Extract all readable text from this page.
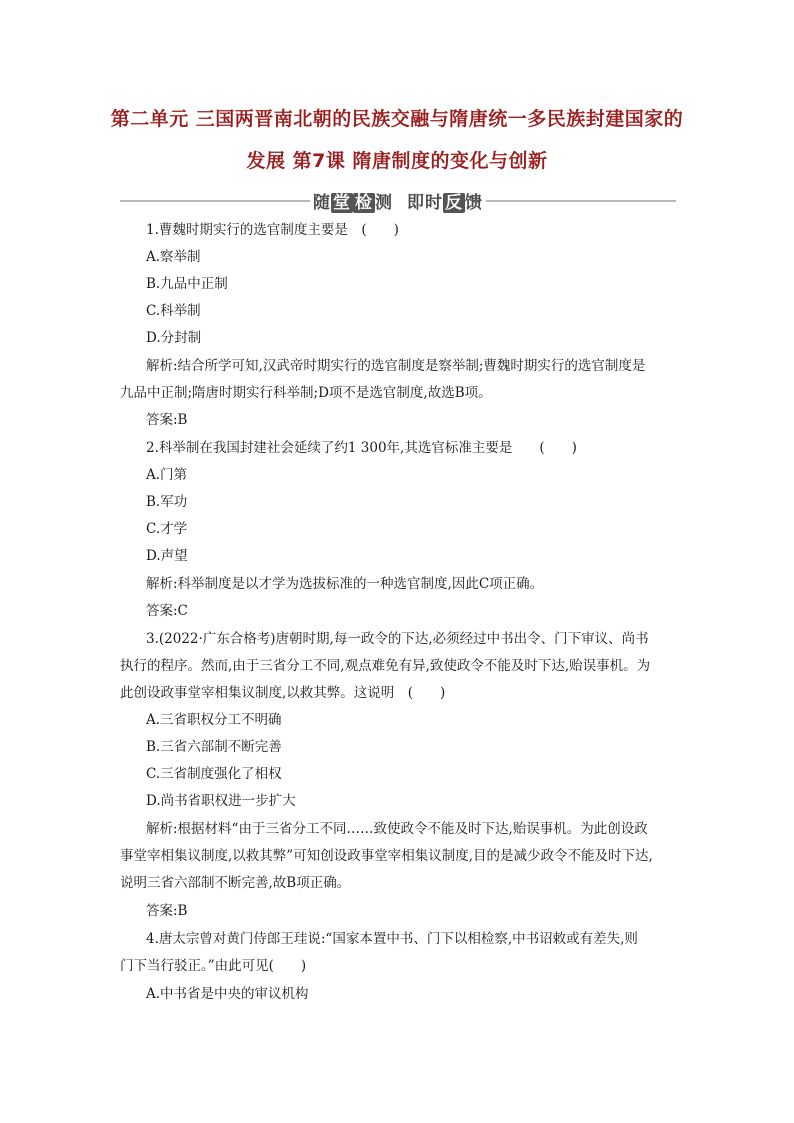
第二单元 三国两晋南北朝的民族交融与隋唐统一多民族封建国家的
发展 第7课 隋唐制度的变化与创新
随 堂 检 测 即时 反 馈
1.曹魏时期实行的选官制度主要是　(　　)
A.察举制
B.九品中正制
C.科举制
D.分封制
解析:结合所学可知,汉武帝时期实行的选官制度是察举制;曹魏时期实行的选官制度是
九品中正制;隋唐时期实行科举制;D项不是选官制度,故选B项。
答案:B
2.科举制在我国封建社会延续了约1 300年,其选官标准主要是　　(　　)
A.门第
B.军功
C.才学
D.声望
解析:科举制度是以才学为选拔标准的一种选官制度,因此C项正确。
答案:C
3.(2022·广东合格考)唐朝时期,每一政令的下达,必须经过中书出令、门下审议、尚书
执行的程序。然而,由于三省分工不同,观点难免有异,致使政令不能及时下达,贻误事机。为
此创设政事堂宰相集议制度,以救其弊。这说明　(　　)
A.三省职权分工不明确
B.三省六部制不断完善
C.三省制度强化了相权
D.尚书省职权进一步扩大
解析:根据材料“由于三省分工不同……致使政令不能及时下达,贻误事机。为此创设政
事堂宰相集议制度,以救其弊”可知创设政事堂宰相集议制度,目的是减少政令不能及时下达,
说明三省六部制不断完善,故B项正确。
答案:B
4.唐太宗曾对黄门侍郎王珪说:“国家本置中书、门下以相检察,中书诏敕或有差失,则
门下当行驳正。”由此可见(　　)
A.中书省是中央的审议机构
